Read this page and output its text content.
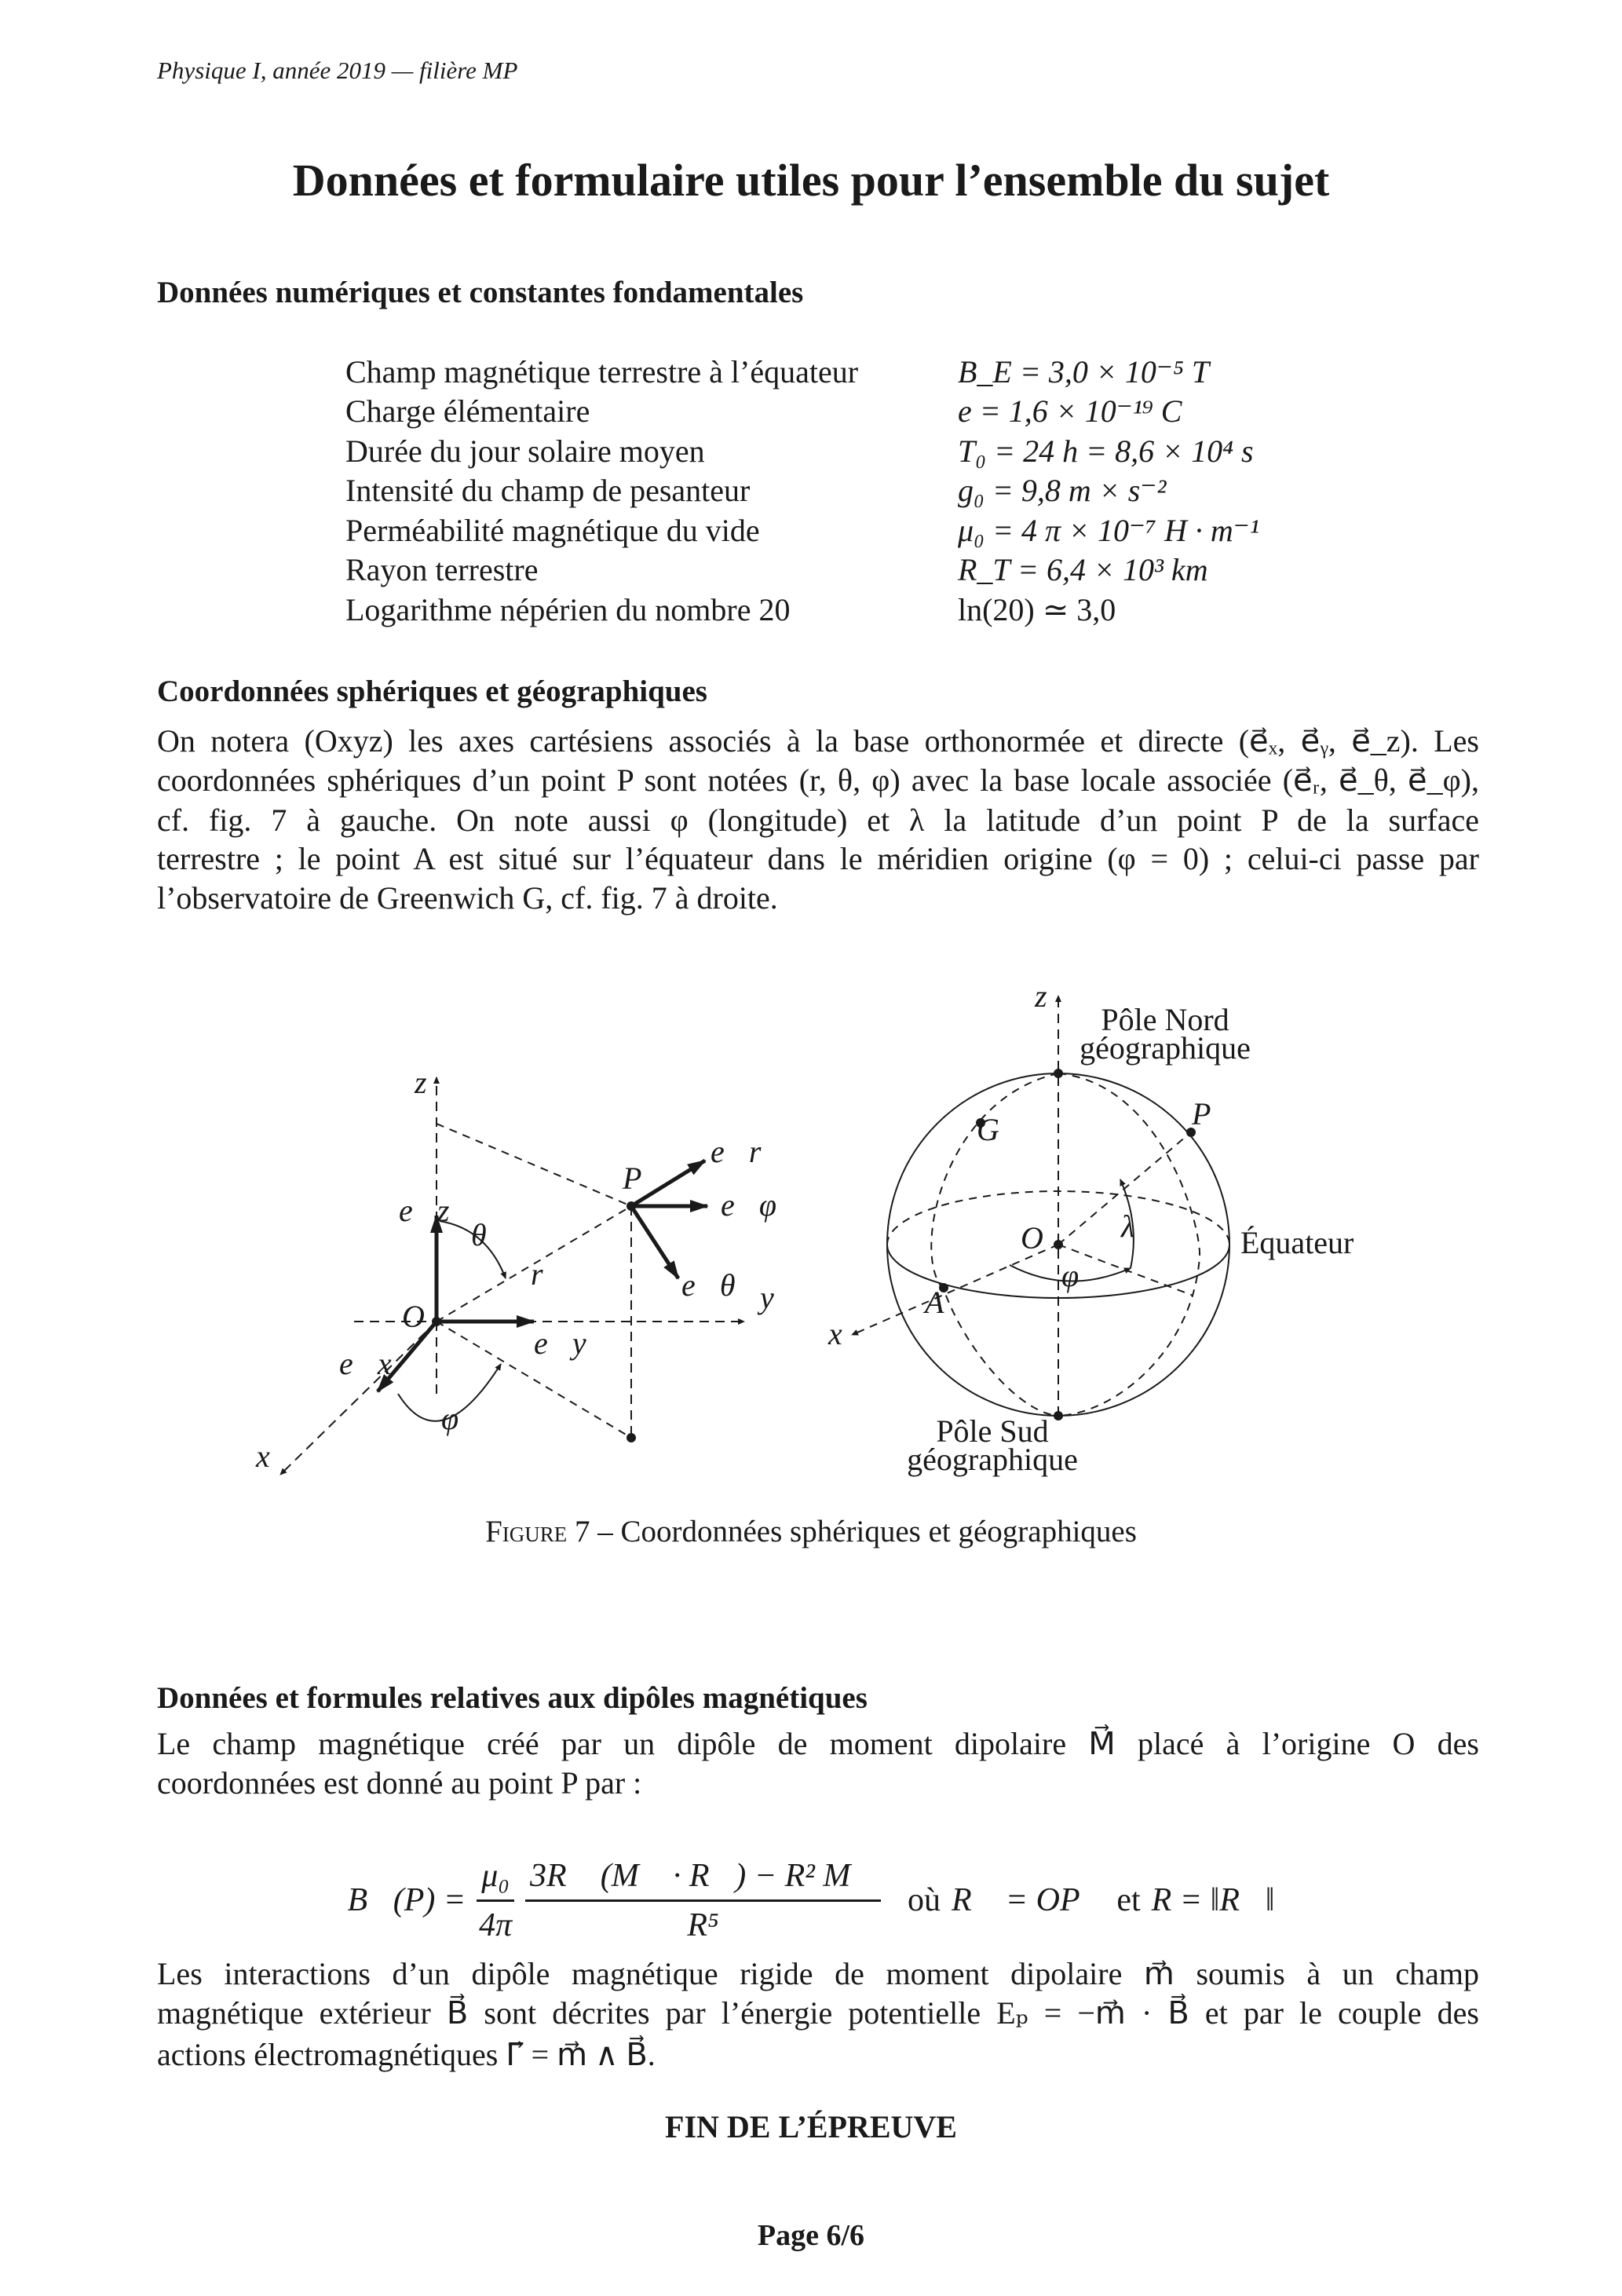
Physique I, année 2019 — filière MP
Données et formulaire utiles pour l’ensemble du sujet
Données numériques et constantes fondamentales
Champ magnétique terrestre à l’équateur	B_E = 3,0 × 10⁻⁵ T
Charge élémentaire	e = 1,6 × 10⁻¹⁹ C
Durée du jour solaire moyen	T₀ = 24 h = 8,6 × 10⁴ s
Intensité du champ de pesanteur	g₀ = 9,8 m × s⁻²
Perméabilité magnétique du vide	μ₀ = 4 π × 10⁻⁷ H · m⁻¹
Rayon terrestre	R_T = 6,4 × 10³ km
Logarithme népérien du nombre 20	ln(20) ≃ 3,0
Coordonnées sphériques et géographiques
On notera (Oxyz) les axes cartésiens associés à la base orthonormée et directe (e⃗ₓ, e⃗ᵧ, e⃗_z). Les
coordonnées sphériques d’un point P sont notées (r, θ, φ) avec la base locale associée (e⃗ᵣ, e⃗_θ, e⃗_φ),
cf. fig. 7 à gauche. On note aussi φ (longitude) et λ la latitude d’un point P de la surface
terrestre ; le point A est situé sur l’équateur dans le méridien origine (φ = 0) ; celui-ci passe par
l’observatoire de Greenwich G, cf. fig. 7 à droite.
z
y
x
O
P
e⃗z
e⃗y
e⃗x
e⃗r
e⃗φ
e⃗θ
θ
r
φ
z
x
O
A
G	P
λ
φ
Pôle Nord
géographique
Pôle Sud
géographique
Équateur
Figure 7 – Coordonnées sphériques et géographiques
Données et formules relatives aux dipôles magnétiques
Le champ magnétique créé par un dipôle de moment dipolaire M⃗ placé à l’origine O des
coordonnées est donné au point P par :
B⃗(P) = $\frac{\text{μ₀}}{4\pi} \frac{\text{3R⃗ (M⃗ · R⃗) − R² M⃗}}{\text{R⁵}}$ où R⃗ = OP⃗ et R = ‖R⃗‖
Les interactions d’un dipôle magnétique rigide de moment dipolaire m⃗ soumis à un champ
magnétique extérieur B⃗ sont décrites par l’énergie potentielle Eₚ = −m⃗ · B⃗ et par le couple des
actions électromagnétiques Γ⃗ = m⃗ ∧ B⃗.
FIN DE L’ÉPREUVE
Page 6/6
